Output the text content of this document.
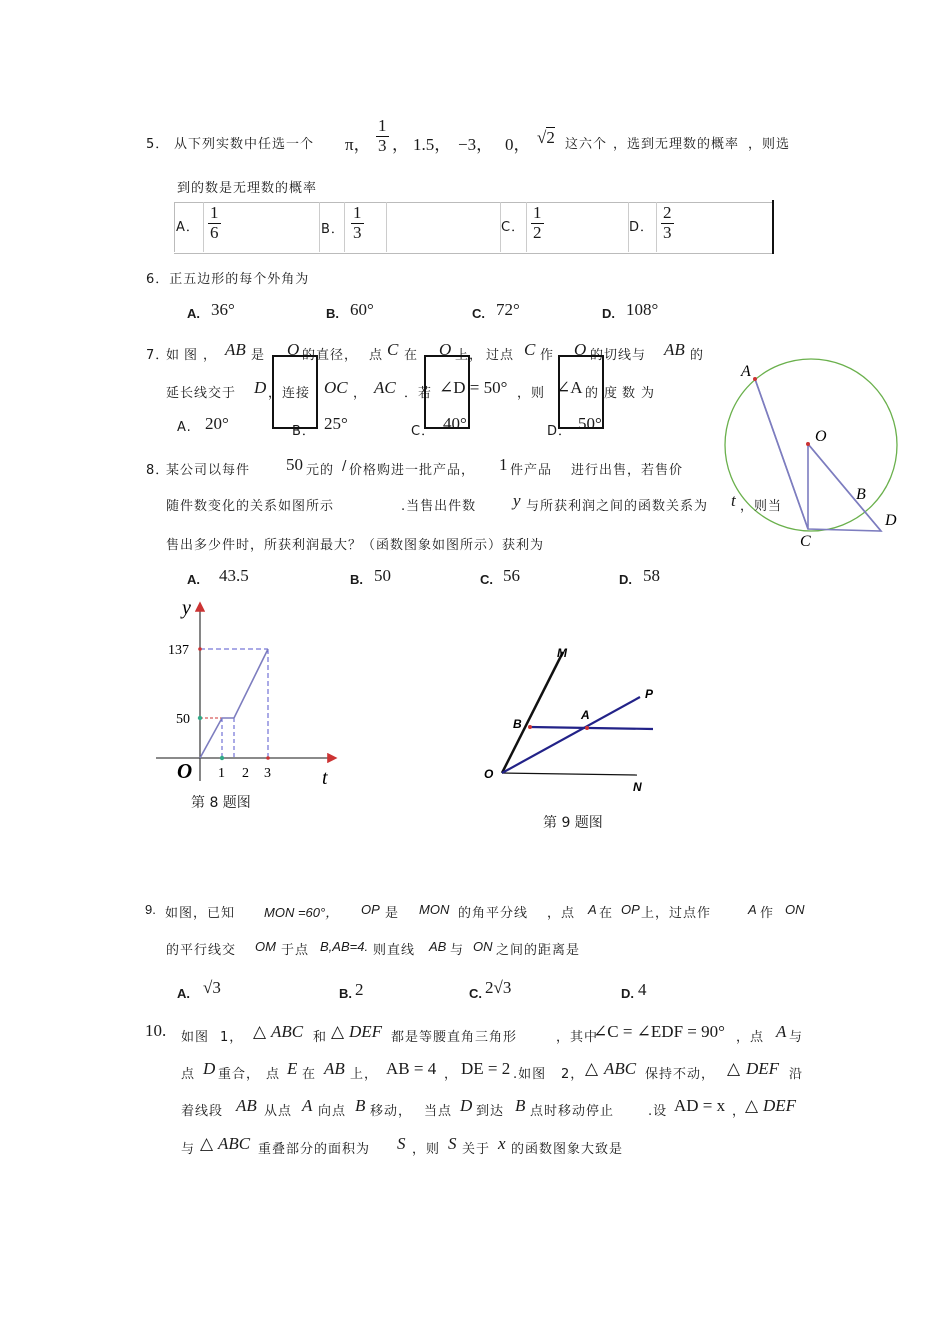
5． 从下列实数中任选一个 π， $\frac{1}{3}$ ， 1.5， −3， 0， √2 这六个 ，选到无理数的概率 ，则选
到的数是无理数的概率
A． $\frac{1}{6}$	B． $\frac{1}{3}$	C． $\frac{1}{2}$	D． $\frac{2}{3}$
6．正五边形的每个外角为
A. 36°	B. 60°	C. 72°	D. 108°
7．
如 图 ， AB 是 O 的直径， 点 C 在 O 上， 过点 C 作 O 的切线与 AB 的
延长线交于 D ，连接 OC ， AC ．若 ∠D = 50° ，则 ∠A 的 度 数 为
A. 20°	B． 25°	C． 40°	D． 50°
A
O
B
C
D
8．
某公司以每件 50 元的 / 价格购进一批产品， 1 件产品 进行出售，若售价
随件数变化的关系如图所示	.当售出件数 y 与所获利润之间的函数关系为 t ，则当
售出多少件时，所获利润最大？（函数图象如图所示）获利为
A. 43.5	B. 50	C. 56	D. 58
y
t
O
137
50
1 2 3
第 8 题图
M
P
B
A
O
N
第 9 题图
9. 如图，已知 MON =60°， OP 是 MON 的角平分线 ，点 A 在 OP 上，过点作	A 作 ON
的平行线交 OM 于点 B,AB=4. 则直线 AB 与 ON 之间的距离是
A. √3	B. 2	C. 2√3	D. 4
10. 如图 1， △ ABC 和 △ DEF 都是等腰直角三角形	，其中
∠C = ∠EDF = 90° ，点 A 与
点 D 重合， 点 E 在 AB 上， AB = 4 ， DE = 2 .如图 2， △ ABC 保持不动， △ DEF 沿
着线段 AB 从点 A 向点 B 移动， 当点 D 到达 B 点时移动停止	.设 AD = x ，
△ DEF
与 △ ABC 重叠部分的面积为 S ，则 S 关于 x 的函数图象大致是
